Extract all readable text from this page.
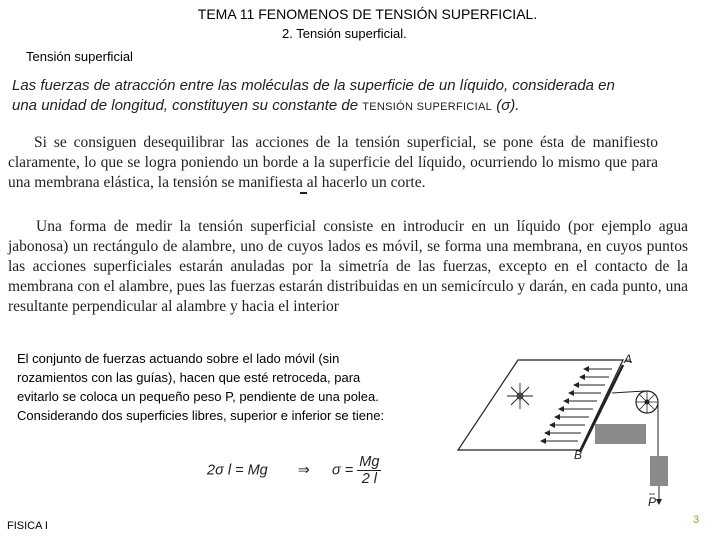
TEMA 11 FENOMENOS DE TENSIÓN SUPERFICIAL.
2. Tensión superficial.
Tensión superficial
Las fuerzas de atracción entre las moléculas de la superficie de un líquido, considerada en una unidad de longitud, constituyen su constante de TENSIÓN SUPERFICIAL (σ).
Si se consiguen desequilibrar las acciones de la tensión superficial, se pone ésta de manifiesto claramente, lo que se logra poniendo un borde a la superficie del líquido, ocurriendo lo mismo que para una membrana elástica, la tensión se manifiesta al hacerlo un corte.
Una forma de medir la tensión superficial consiste en introducir en un líquido (por ejemplo agua jabonosa) un rectángulo de alambre, uno de cuyos lados es móvil, se forma una membrana, en cuyos puntos las acciones superficiales estarán anuladas por la simetría de las fuerzas, excepto en el contacto de la membrana con el alambre, pues las fuerzas estarán distribuidas en un semicírculo y darán, en cada punto, una resultante perpendicular al alambre y hacia el interior
El conjunto de fuerzas actuando sobre el lado móvil (sin
rozamientos con las guías), hacen que esté retroceda, para
evitarlo se coloca un pequeño peso P, pendiente de una polea.
Considerando dos superficies libres, superior e inferior se tiene:
2σ l = Mg ⇒ $\sigma = \frac{Mg}{2 l}$
A
B
P
FISICA I	3
